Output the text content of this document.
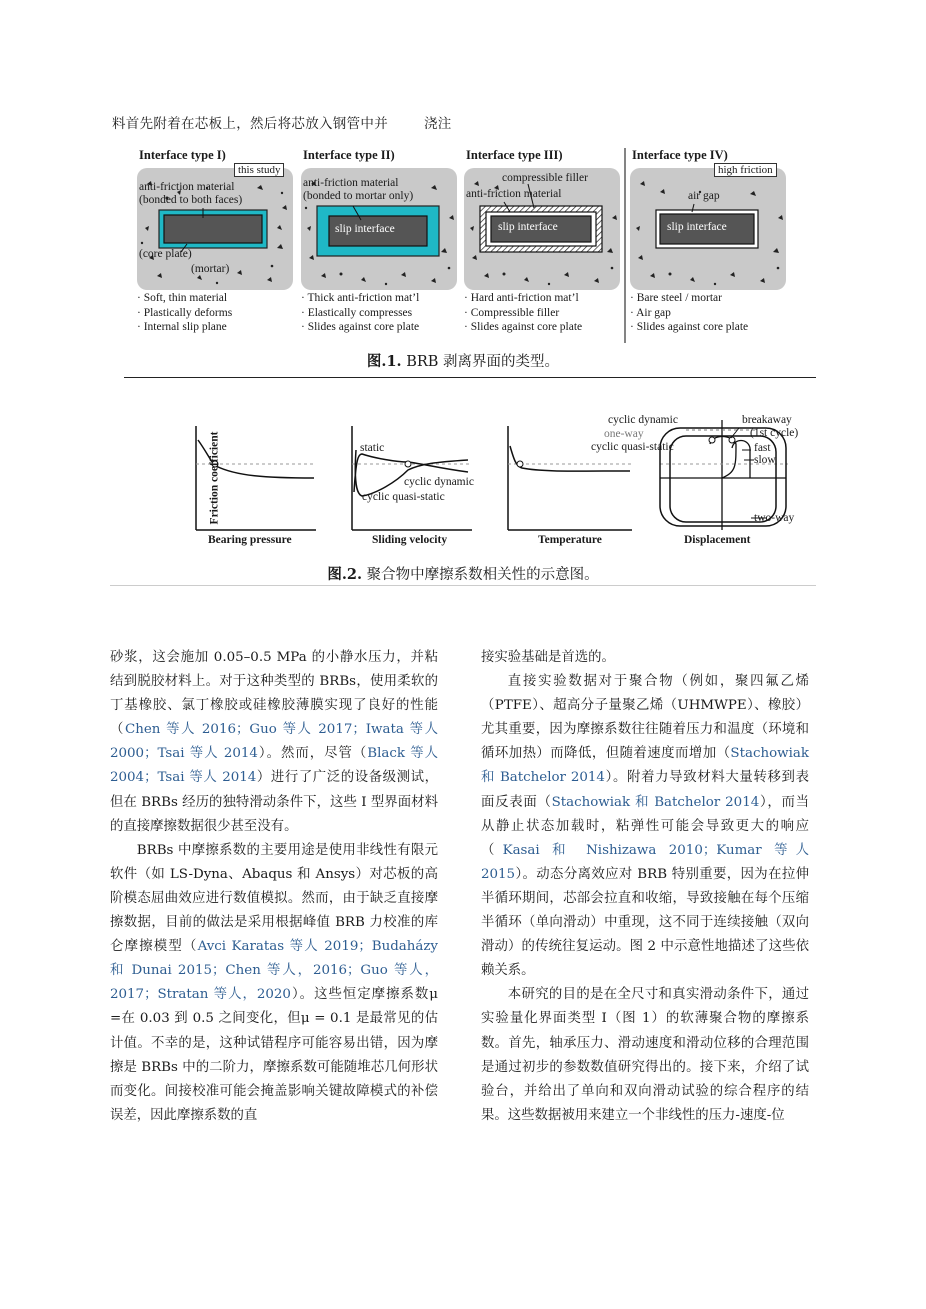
料首先附着在芯板上，然后将芯放入钢管中并	浇注
Interface type I)
this study
anti-friction material
(bonded to both faces)
(core plate)
(mortar)
· Soft, thin material
· Plastically deforms
· Internal slip plane
Interface type II)
anti-friction material
(bonded to mortar only)
slip interface
· Thick anti-friction mat’l
· Elastically compresses
· Slides against core plate
Interface type III)
compressible filler
anti-friction material
slip interface
· Hard anti-friction mat’l
· Compressible filler
· Slides against core plate
Interface type IV)
high friction
air gap
slip interface
· Bare steel / mortar
· Air gap
· Slides against core plate
图.1. BRB 剥离界面的类型。
Friction coefficient
Bearing pressure	Sliding velocity	Temperature	Displacement
static
cyclic dynamic
cyclic quasi-static
cyclic dynamic
one-way
cyclic quasi-static
breakaway
(1st cycle)
fast
slow
two-way
图.2. 聚合物中摩擦系数相关性的示意图。

砂浆，这会施加 0.05–0.5 MPa 的小静水压力，并粘结到脱胶材料上。对于这种类型的 BRBs，使用柔软的丁基橡胶、氯丁橡胶或硅橡胶薄膜实现了良好的性能（Chen 等人 2016；Guo 等人 2017；Iwata 等人 2000；Tsai 等人 2014）。然而，尽管（Black 等人 2004；Tsai 等人 2014）进行了广泛的设备级测试，但在 BRBs 经历的独特滑动条件下，这些 I 型界面材料的直接摩擦数据很少甚至没有。

BRBs 中摩擦系数的主要用途是使用非线性有限元软件（如 LS-Dyna、Abaqus 和 Ansys）对芯板的高阶模态屈曲效应进行数值模拟。然而，由于缺乏直接摩擦数据，目前的做法是采用根据峰值 BRB 力校准的库仑摩擦模型（Avci Karatas 等人 2019；Budaházy 和 Dunai 2015；Chen 等人，2016；Guo 等人，2017；Stratan 等人，2020）。这些恒定摩擦系数μ =在 0.03 到 0.5 之间变化，但μ = 0.1 是最常见的估计值。不幸的是，这种试错程序可能容易出错，因为摩擦是 BRBs 中的二阶力，摩擦系数可能随堆芯几何形状而变化。间接校准可能会掩盖影响关键故障模式的补偿误差，因此摩擦系数的直

接实验基础是首选的。

直接实验数据对于聚合物（例如，聚四氟乙烯（PTFE）、超高分子量聚乙烯（UHMWPE）、橡胶）尤其重要，因为摩擦系数往往随着压力和温度（环境和循环加热）而降低，但随着速度而增加（Stachowiak 和 Batchelor 2014）。附着力导致材料大量转移到表面反表面（Stachowiak 和 Batchelor 2014），而当从静止状态加载时，粘弹性可能会导致更大的响应（Kasai 和 Nishizawa 2010；Kumar 等人 2015）。动态分离效应对 BRB 特别重要，因为在拉伸半循环期间，芯部会拉直和收缩，导致接触在每个压缩半循环（单向滑动）中重现，这不同于连续接触（双向滑动）的传统往复运动。图 2 中示意性地描述了这些依赖关系。

本研究的目的是在全尺寸和真实滑动条件下，通过实验量化界面类型 I（图 1）的软薄聚合物的摩擦系数。首先，轴承压力、滑动速度和滑动位移的合理范围是通过初步的参数数值研究得出的。接下来，介绍了试验台，并给出了单向和双向滑动试验的综合程序的结果。这些数据被用来建立一个非线性的压力-速度-位
